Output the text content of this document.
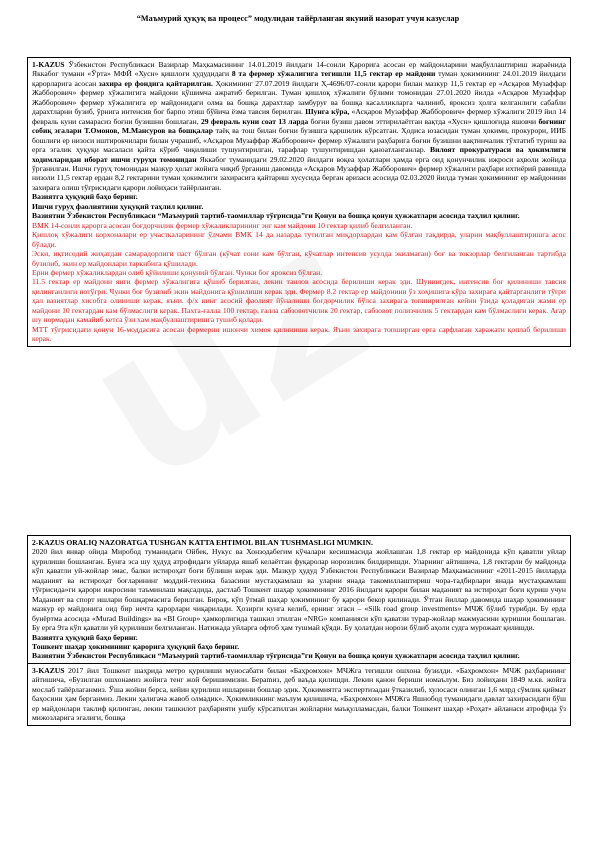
“Маъмурий ҳуқуқ ва процесс” модулидан тайёрланган якуний назорат учун казуслар

1-KAZUS Ўзбекистон Республикаси Вазирлар Маҳкамасининг 14.01.2019 йилдаги 14-сонли Қарорига асосан ер майдонларини мақбуллаштириш жараёнида Яккабог тумани «Ўрта» МФЙ «Хусн» қишлоғи ҳудудидаги 8 та фермер хўжалигига тегишли 11,5 гектар ер майдони туман ҳокимининг 24.01.2019 йилдаги қарорларига асосан захира ер фондига қайтарилган. Ҳокимнинг 27.07.2019 йилдаги Ҳ-4696/07-сонли қарори билан мазкур 11,5 гектар ер «Асқаров Музаффар Жабборович» фермер хўжалигига майдони қўшимча ажратиб берилган. Туман қишлоқ хўжалиги бўлими томонидан 27.01.2020 йилда «Асқаров Музаффар Жабборович» фермер хўжалигига ер майдонидаги олма ва бошқа дарахтлар замбуруғ ва бошқа касалликларга чалиниб, ярокcиз ҳолга келганлиги сабабли дарахтларни бузиб, ўрнига интенсив боғ барпо этиш бўйича ёзма тавсия берилган. Шунга кўра, «Асқаров Музаффар Жабборович» фермер хўжалиги 2019 йил 14 февраль куни самарасиз боғни бузишни бошлаган, 29 февраль куни соат 13 ларда боғни бузиш давом эттирилаётган вақтда «Хусн» қишлоғида яшовчи боғнинг собиқ эгалари Т.Омонов, М.Мансуров ва бошқалар таёқ ва тош билан боғни бузишга қаршилик кўрсатган. Ҳодиса юзасидан туман ҳокими, прокурори, ИИБ бошлиғи ер низоси иштирокчилари билан учрашиб, «Асқаров Музаффар Жабборович» фермер хўжалиги раҳбарига боғни бузишни вақтинчалик тўхтатиб туриш ва ерга эгалик ҳуқуқи масаласи қайта кўриб чиқилиши тушунтирилган, тарафлар тушунтиришдан қаноатланганлар. Вилоят прокуратураси ва ҳокимлиги ходимларидан иборат ишчи гуруҳи томонидан Яккабог туманидаги 29.02.2020 йилдаги воқеа ҳолатлари ҳамда ерга оид қонунчилик ижроси аҳволи жойида ўрганилган. Ишчи гуруҳ томонидан мазкур ҳолат жойига чиқиб ўрганиш давомида «Асқаров Музаффар Жабборович» фермер хўжалиги раҳбари ихтиёрий равишда низоли 11,5 гектар ердан 8,2 гектарини туман ҳокимлиги захирасига қайтариш хусусида берган аризаси асосида 02.03.2020 йилда туман ҳокимининг ер майдонини захирага олиш тўғрисидаги қарори лойиҳаси тайёрланган.

Вазиятга ҳуқуқий баҳо беринг.

Ишчи гуруҳ фаолиятини ҳуқуқий таҳлил қилинг.

Вазиятни Ўзбекистон Республикаси “Маъмурий тартиб-таомиллар тўғрисида”ги Қонун ва бошқа қонун ҳужжатлари асосида таҳлил қилинг.

ВМК 14-сонли қарорга асосан боғдорчилик фермер хўжаликларининг энг кам майдони 10 гектар қилиб белгиланган.

Қишлоқ хўжалиги корхоналари ер участкаларининг ўлчами ВМК 14 да назарда тутилган миқдорлардан кам бўлган тақдирда, уларни мақбуллаштиришга асос бўлади.

Эски, иқтисодий жиҳатдан самарадорлиги паст бўлган (кўчат сони кам бўлган, кўчатлар интенсив усулда экилмаган) боғ ва токзорлар белгиланган тартибда бузилиб, экин ер майдонлари таркибига қўшилади.

Ерни фермер хўжаликлардан олиб қўйилиши қонуний бўлган. Чунки боғ ярокcиз бўлган.

11.5 гектар ер майдони янги фермер хўжалигига қўшиб берилган, лекин танлов асосида берилиши керак эди. Шунингдек, интенсив боғ қилиниши тавсия қилинганлиги нотўғри. Чунки боғ бузилиб экин майдонига қўшилиши керак эди. Фермер 8.2 гектар ер майдонини ўз хоҳишига кўра захирага қайтарганлиги тўғри ҳал вазиятлар хисобга олиниши керак, яъни. ф/х нинг асосий фаолият йўналиши боғдорчилик бўлса захирага топширилган кейин ўзида қоладиган жами ер майдони 10 гектардан кам бўлмаслиги керак. Пахта-ғалла 100 гектар, ғалла сабзовотчилик 20 гектар, сабзовот полизчилик 5 гектардан кам бўлмаслиги керак. Агар шу нормадан камайиб кетса ўзи хам мақбуллаштиришга тушиб қолади.

МТТ тўғрисидаги қонун 16-моддасига асосан фермерни ишончи химоя қилиниши керак. Яъни захирага топширган ерга сарфлаган харажати қоплаб берилиши керак.

2-KAZUS ORALIQ NAZORATGA TUSHGAN KATTA EHTIMOL BILAN TUSHMASLIGI MUMKIN.

2020 йил январ ойида Миробод туманидаги Ойбек, Нукус ва Хонзодабегим кўчалари кесишмасида жойлашган 1,8 гектар ер майдонида кўп қаватли уйлар қурилиши бошланган. Бунга эса шу ҳудуд атрофидаги уйларда яшаб келаётган фуқаролар норозилик билдиришди. Уларнинг айтишича, 1,8 гектарли бу майдонда кўп қаватли уй-жойлар эмас, балки истироҳат боғи бўлиши керак эди. Мазкур ҳудуд Ўзбекистон Республикаси Вазирлар Маҳкамасининг «2011-2015 йилларда маданият ва истироҳат боғларининг моддий-техника базасини мустаҳкамлаш ва уларни янада такомиллаштириш чора-тадбирлари янада мустаҳкамлаш тўғрисида»ги қарори ижросини таъминлаш мақсадида, дастлаб Тошкент шаҳар ҳокимининг 2016 йилдаги қарори билан маданият ва истироҳат боғи қуриш учун Маданият ва спорт ишлари бошқармасига берилган. Бироқ, кўп ўтмай шаҳар ҳокимининг бу қарори бекор қилинади. Ўтган йиллар давомида шаҳар ҳокимининг мазкур ер майдонига оид бир нечта қарорлари чиқарилади. Ҳозирги кунга келиб, ернинг эгаси – «Silk road group investments» МЧЖ бўлиб турибди. Бу ерда бунёртма асосида «Murad Buildings» ва «BI Group» ҳамкорлигида ташкил этилган «NRG» компанияси кўп қаватли турар-жойлар мажмуасини қуришни бошлаган. Бу ерга 9та кўп қаватли уй қурилиши белгиланган. Натижада уйларга офтоб ҳам тушмай қўяди. Бу ҳолатдан норози бўлиб аҳоли судга мурожаат қилишди.

Вазиятга ҳуқуқий баҳо беринг.

Тошкент шаҳар ҳокимининг қарорига ҳуқуқий баҳо беринг.

Вазиятни Ўзбекистон Республикаси “Маъмурий тартиб-таомиллар тўғрисида”ги Қонун ва бошқа қонун ҳужжатлари асосида таҳлил қилинг.

3-KAZUS 2017 йил Тошкент шаҳрида метро қурилиши муносабати билан «Баҳромхон» МЧЖга тегишли ошхона бузилди. «Баҳромхон» МЧЖ раҳбарининг айтишича, «Бузилган ошхонамиз жойига тенг жой беришимизни. Бераmиз, деб ваъда қилишди. Лекин қанон бериши номаълум. Биз лойиҳани 1849 м.кв. жойга мослаб тайёрлаганмиз. Ўша жойни берса, кейин қурилиш ишларини бошлар эдик. Ҳокимиятга экспертизадан ўтказилиб, хулосаси олинган 1,6 млрд сўмлик қиймат баҳосини ҳам берганмиз. Лекин ҳалигача жавоб олмадик». Ҳокимликнинг маълум қилишича, «Баҳромхон» МЧЖга Яшнобод туманидаги давлат захирасидаги бўш ер майдонлари таклиф қилинган, лекин ташкилот раҳбарияти ушбу кўрсатилган жойларни маъқулламасдан, балки Тошкент шаҳар «Роҳат» айланаси атрофида ўз мижозларига эгалиги, бошқа
